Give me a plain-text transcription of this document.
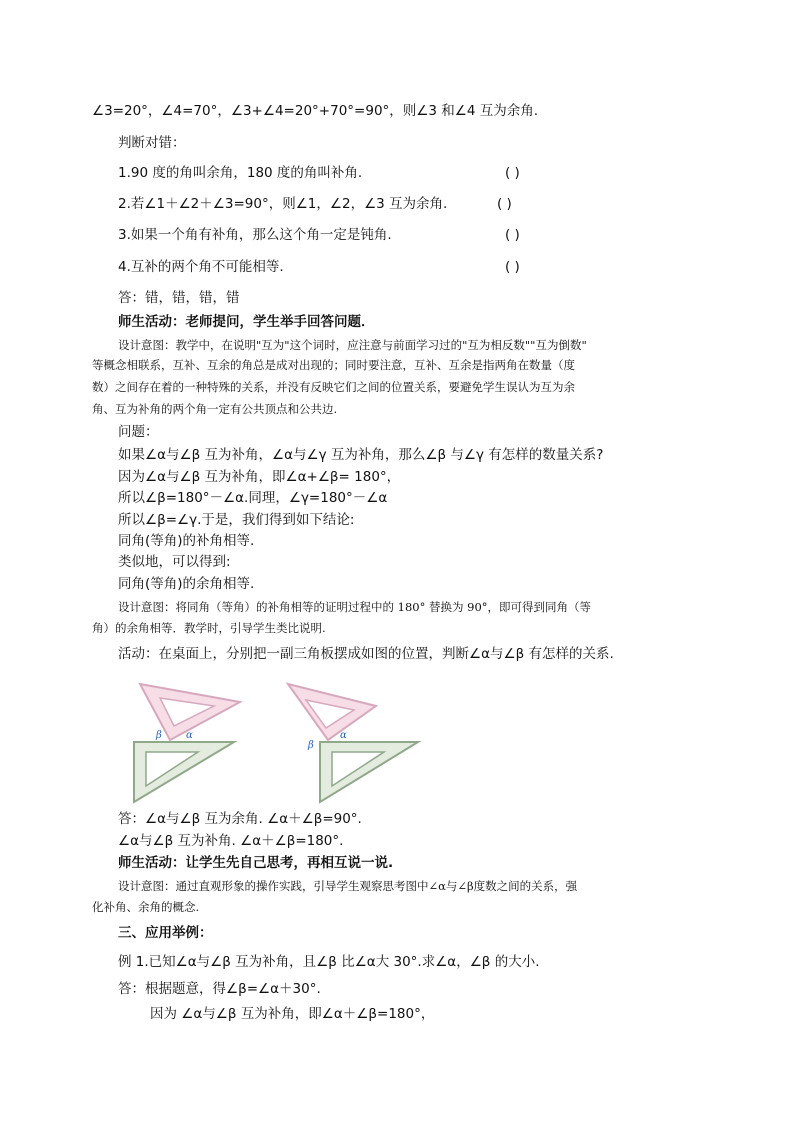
∠3=20°，∠4=70°，∠3+∠4=20°+70°=90°，则∠3 和∠4 互为余角.
判断对错：
1.90 度的角叫余角，180 度的角叫补角.	( )
2.若∠1＋∠2＋∠3=90°，则∠1，∠2，∠3 互为余角.	( )
3.如果一个角有补角，那么这个角一定是钝角.	( )
4.互补的两个角不可能相等.	( )
答：错，错，错，错
师生活动：老师提问，学生举手回答问题．
设计意图：教学中，在说明"互为"这个词时，应注意与前面学习过的"互为相反数""互为倒数"
等概念相联系，互补、互余的角总是成对出现的；同时要注意，互补、互余是指两角在数量（度
数）之间存在着的一种特殊的关系，并没有反映它们之间的位置关系，要避免学生误认为互为余
角、互为补角的两个角一定有公共顶点和公共边.
问题：
如果∠α与∠β 互为补角，∠α与∠γ 互为补角，那么∠β 与∠γ 有怎样的数量关系?
因为∠α与∠β 互为补角，即∠α+∠β= 180°，
所以∠β=180°－∠α.同理，∠γ=180°－∠α
所以∠β=∠γ.于是，我们得到如下结论:
同角(等角)的补角相等.
类似地，可以得到:
同角(等角)的余角相等.
设计意图：将同角（等角）的补角相等的证明过程中的 180° 替换为 90°，即可得到同角（等
角）的余角相等．教学时，引导学生类比说明.
活动：在桌面上，分别把一副三角板摆成如图的位置，判断∠α与∠β 有怎样的关系.
β α
β
α
答：∠α与∠β 互为余角. ∠α＋∠β=90°.
∠α与∠β 互为补角. ∠α＋∠β=180°.
师生活动：让学生先自己思考，再相互说一说.
设计意图：通过直观形象的操作实践，引导学生观察思考图中∠α与∠β度数之间的关系，强
化补角、余角的概念.
三、应用举例：
例 1.已知∠α与∠β 互为补角，且∠β 比∠α大 30°.求∠α，∠β 的大小.
答：根据题意，得∠β=∠α＋30°.
因为 ∠α与∠β 互为补角，即∠α＋∠β=180°，
